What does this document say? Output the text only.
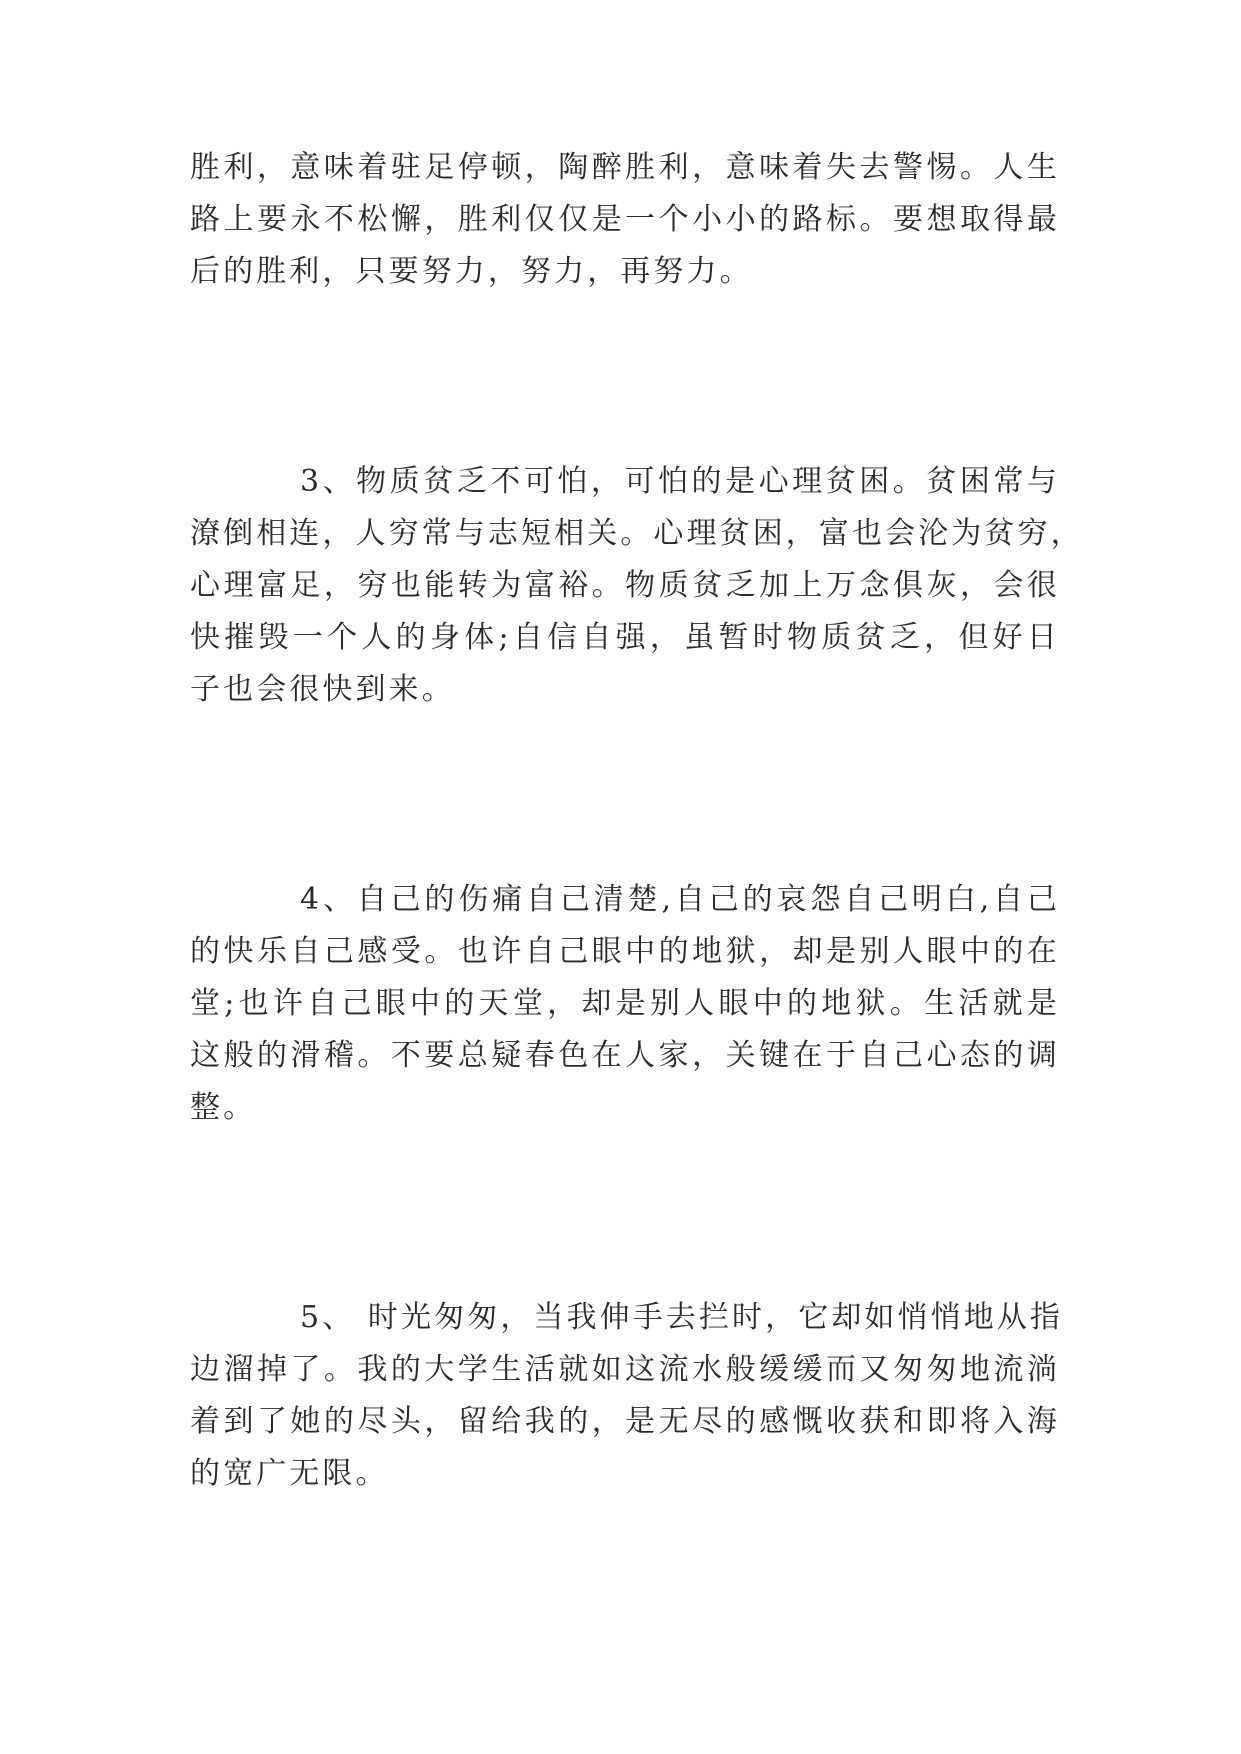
胜利，意味着驻足停顿，陶醉胜利，意味着失去警惕。人生
路上要永不松懈，胜利仅仅是一个小小的路标。要想取得最
后的胜利，只要努力，努力，再努力。
3、物质贫乏不可怕，可怕的是心理贫困。贫困常与
潦倒相连，人穷常与志短相关。心理贫困，富也会沦为贫穷，
心理富足，穷也能转为富裕。物质贫乏加上万念俱灰，会很
快摧毁一个人的身体;自信自强，虽暂时物质贫乏，但好日
子也会很快到来。
4、自己的伤痛自己清楚,自己的哀怨自己明白,自己
的快乐自己感受。也许自己眼中的地狱，却是别人眼中的在
堂;也许自己眼中的天堂，却是别人眼中的地狱。生活就是
这般的滑稽。不要总疑春色在人家，关键在于自己心态的调
整。
5、 时光匆匆，当我伸手去拦时，它却如悄悄地从指
边溜掉了。我的大学生活就如这流水般缓缓而又匆匆地流淌
着到了她的尽头，留给我的，是无尽的感慨收获和即将入海
的宽广无限。
